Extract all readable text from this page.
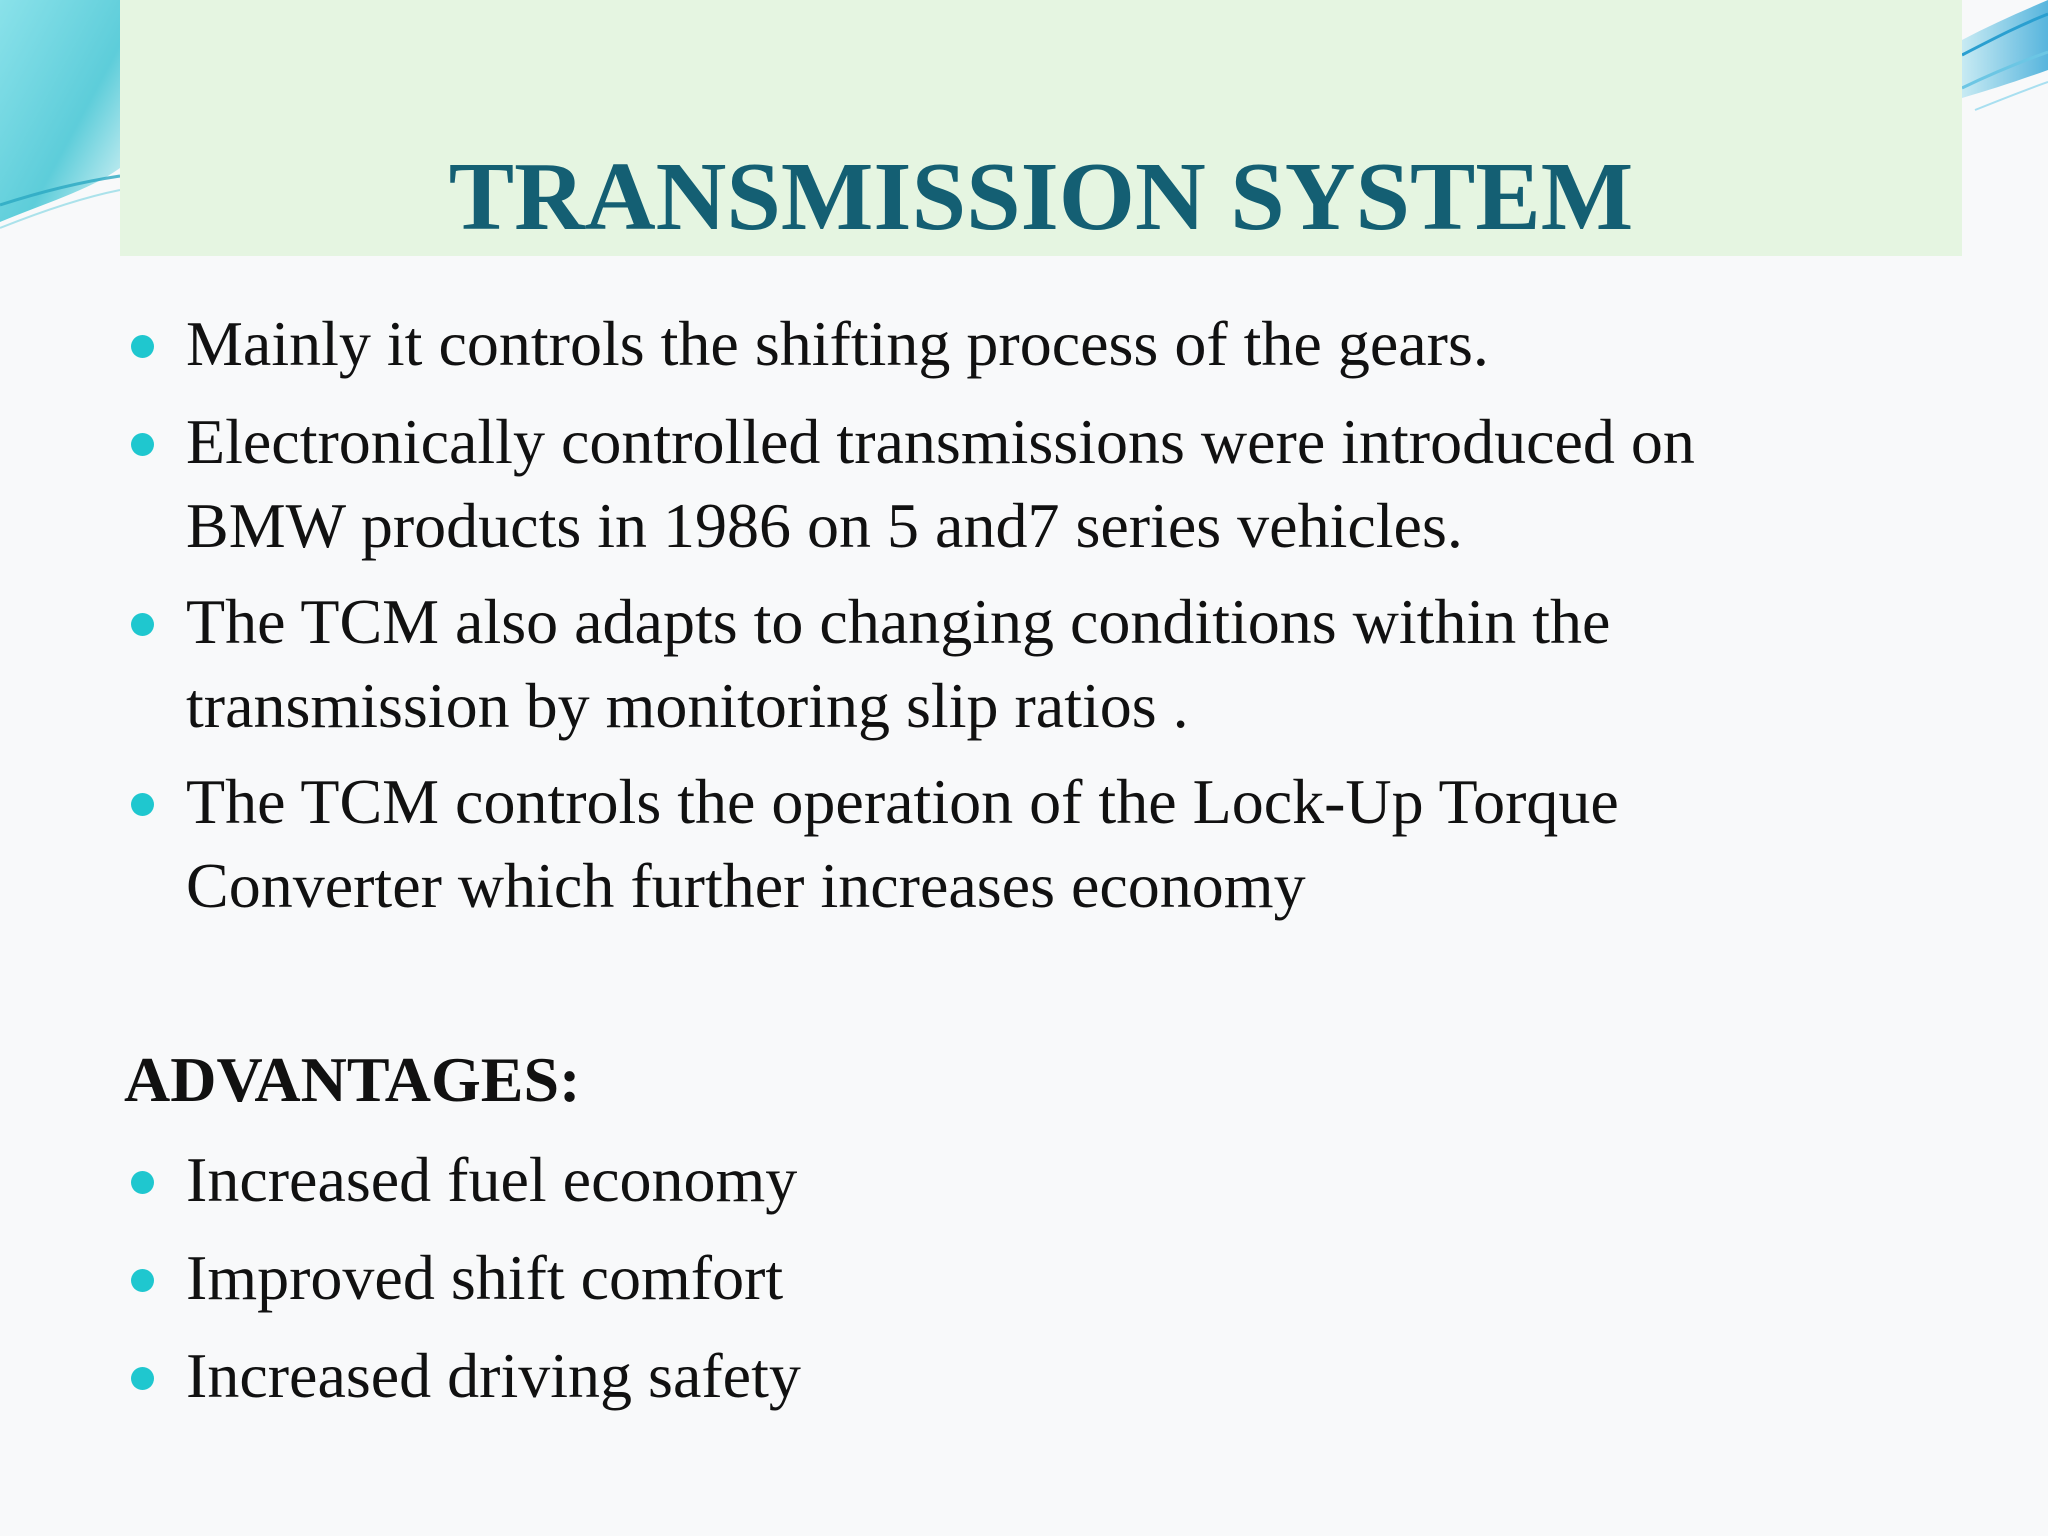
TRANSMISSION SYSTEM
Mainly it controls the shifting process of the gears.
Electronically controlled transmissions were introduced on
BMW products in 1986 on 5 and7 series vehicles.
The TCM also adapts to changing conditions within the
transmission by monitoring slip ratios .
The TCM controls the operation of the Lock-Up Torque
Converter which further increases economy
ADVANTAGES:
Increased fuel economy
Improved shift comfort
Increased driving safety
